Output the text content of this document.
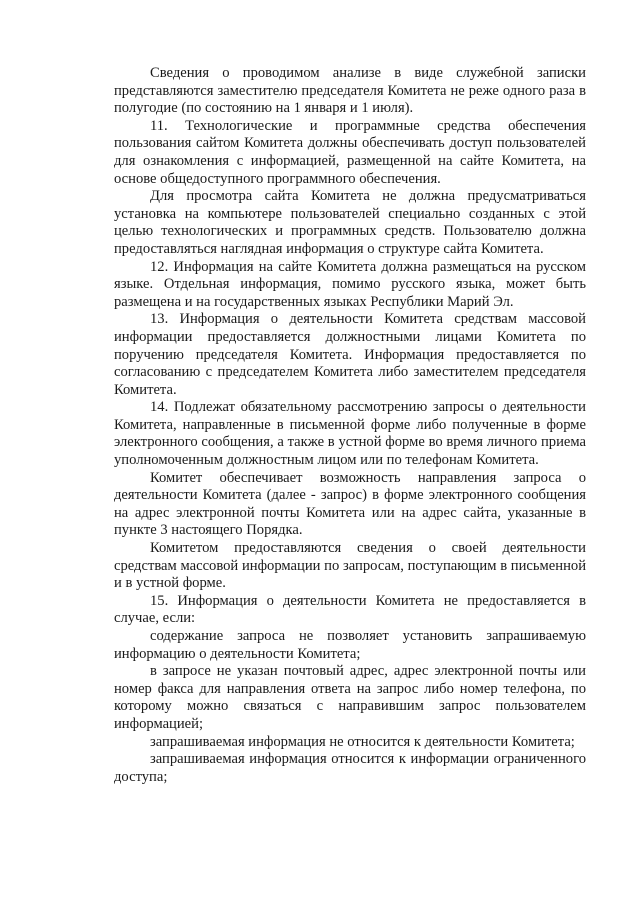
Сведения о проводимом анализе в виде служебной записки представляются заместителю председателя Комитета не реже одного раза в полугодие (по состоянию на 1 января и 1 июля).

11. Технологические и программные средства обеспечения пользования сайтом Комитета должны обеспечивать доступ пользователей для ознакомления с информацией, размещенной на сайте Комитета, на основе общедоступного программного обеспечения.

Для просмотра сайта Комитета не должна предусматриваться установка на компьютере пользователей специально созданных с этой целью технологических и программных средств. Пользователю должна предоставляться наглядная информация о структуре сайта Комитета.

12. Информация на сайте Комитета должна размещаться на русском языке. Отдельная информация, помимо русского языка, может быть размещена и на государственных языках Республики Марий Эл.

13. Информация о деятельности Комитета средствам массовой информации предоставляется должностными лицами Комитета по поручению председателя Комитета. Информация предоставляется по согласованию с председателем Комитета либо заместителем председателя Комитета.

14. Подлежат обязательному рассмотрению запросы о деятельности Комитета, направленные в письменной форме либо полученные в форме электронного сообщения, а также в устной форме во время личного приема уполномоченным должностным лицом или по телефонам Комитета.

Комитет обеспечивает возможность направления запроса о деятельности Комитета (далее - запрос) в форме электронного сообщения на адрес электронной почты Комитета или на адрес сайта, указанные в пункте 3 настоящего Порядка.

Комитетом предоставляются сведения о своей деятельности средствам массовой информации по запросам, поступающим в письменной и в устной форме.

15. Информация о деятельности Комитета не предоставляется в случае, если:

содержание запроса не позволяет установить запрашиваемую информацию о деятельности Комитета;

в запросе не указан почтовый адрес, адрес электронной почты или номер факса для направления ответа на запрос либо номер телефона, по которому можно связаться с направившим запрос пользователем информацией;

запрашиваемая информация не относится к деятельности Комитета;

запрашиваемая информация относится к информации ограниченного доступа;
